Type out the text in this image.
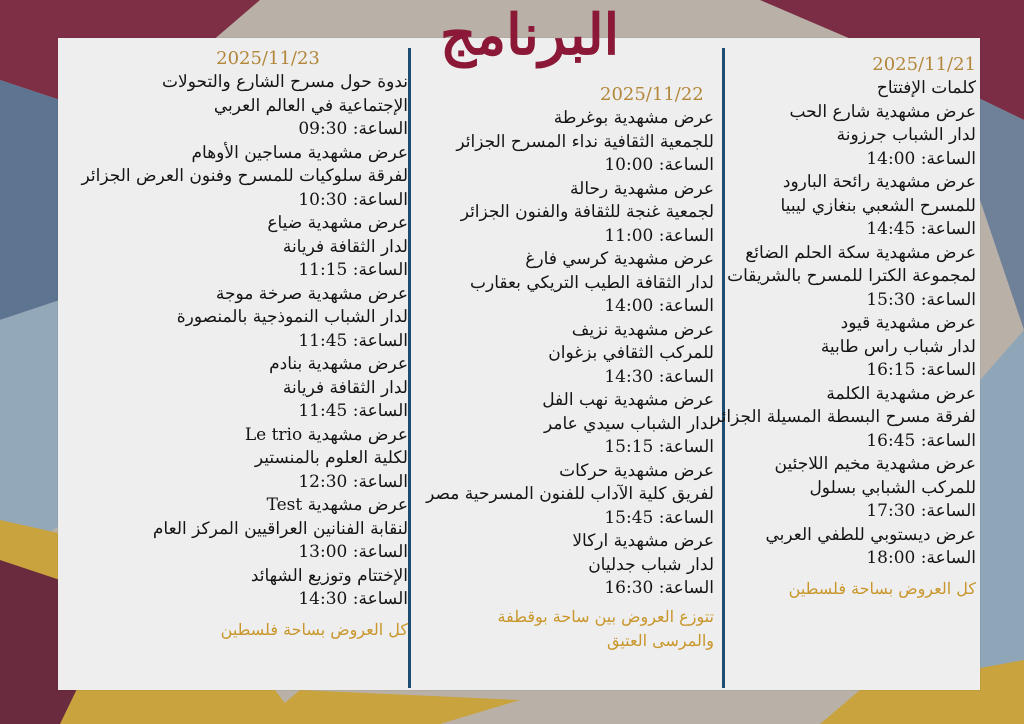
البرنامج
2025/11/23
ندوة حول مسرح الشارع والتحولات
الإجتماعية في العالم العربي
الساعة: 09:30
عرض مشهدية مساجين الأوهام
لفرقة سلوكيات للمسرح وفنون العرض الجزائر
الساعة: 10:30
عرض مشهدية ضياع
لدار الثقافة فريانة
الساعة: 11:15
عرض مشهدية صرخة موجة
لدار الشباب النموذجية بالمنصورة
الساعة: 11:45
عرض مشهدية بنادم
لدار الثقافة فريانة
الساعة: 11:45
عرض مشهدية Le trio
لكلية العلوم بالمنستير
الساعة: 12:30
عرض مشهدية Test
لنقابة الفنانين العراقيين المركز العام
الساعة: 13:00
الإختتام وتوزيع الشهائد
الساعة: 14:30
كل العروض بساحة فلسطين
2025/11/22
عرض مشهدية بوغرطة
للجمعية الثقافية نداء المسرح الجزائر
الساعة: 10:00
عرض مشهدية رحالة
لجمعية غنجة للثقافة والفنون الجزائر
الساعة: 11:00
عرض مشهدية كرسي فارغ
لدار الثقافة الطيب التريكي بعقارب
الساعة: 14:00
عرض مشهدية نزيف
للمركب الثقافي بزغوان
الساعة: 14:30
عرض مشهدية نهب الفل
لدار الشباب سيدي عامر
الساعة: 15:15
عرض مشهدية حركات
لفريق كلية الآداب للفنون المسرحية مصر
الساعة: 15:45
عرض مشهدية اركالا
لدار شباب جدليان
الساعة: 16:30
تتوزع العروض بين ساحة بوقطفة
والمرسى العتيق
2025/11/21
كلمات الإفتتاح
عرض مشهدية شارع الحب
لدار الشباب جرزونة
الساعة: 14:00
عرض مشهدية رائحة البارود
للمسرح الشعبي بنغازي ليبيا
الساعة: 14:45
عرض مشهدية سكة الحلم الضائع
لمجموعة الكترا للمسرح بالشريقات
الساعة: 15:30
عرض مشهدية قيود
لدار شباب راس طابية
الساعة: 16:15
عرض مشهدية الكلمة
لفرقة مسرح البسطة المسيلة الجزائر
الساعة: 16:45
عرض مشهدية مخيم اللاجئين
للمركب الشبابي بسلول
الساعة: 17:30
عرض ديستوبي للطفي العربي
الساعة: 18:00
كل العروض بساحة فلسطين
